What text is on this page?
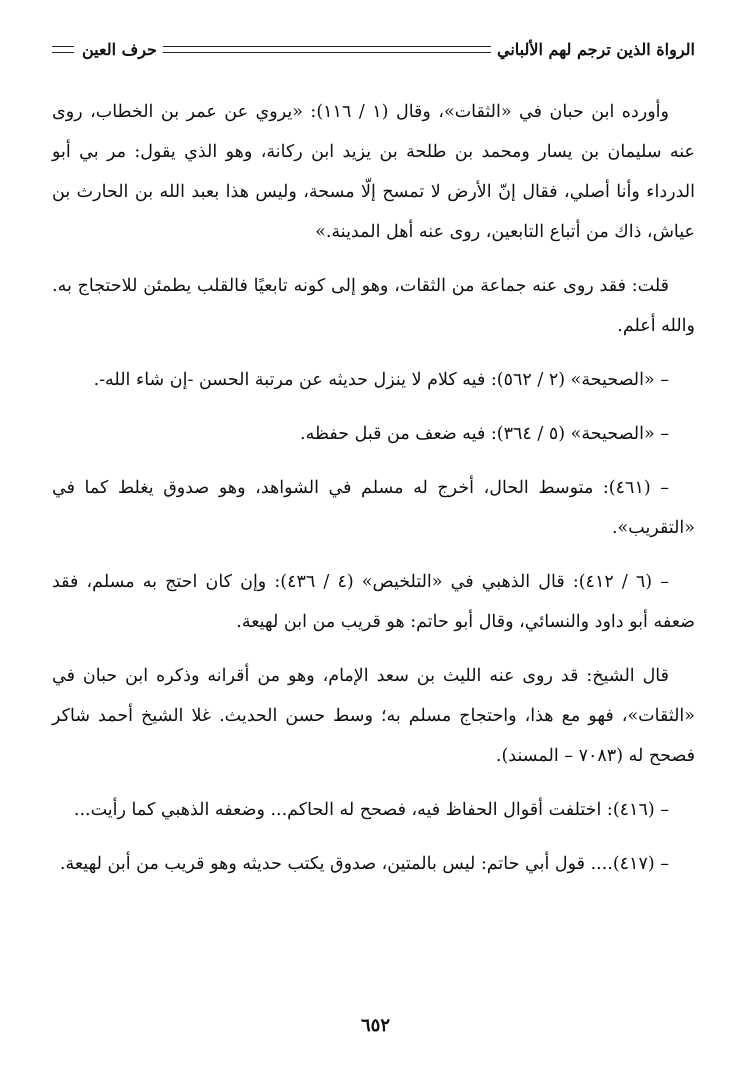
الرواة الذين ترجم لهم الألباني
حرف العين

وأورده ابن حبان في «الثقات»، وقال (١ / ١١٦): «يروي عن عمر بن الخطاب، روى عنه سليمان بن يسار ومحمد بن طلحة بن يزيد ابن ركانة، وهو الذي يقول: مر بي أبو الدرداء وأنا أصلي، فقال إنّ الأرض لا تمسح إلّا مسحة، وليس هذا بعبد الله بن الحارث بن عياش، ذاك من أتباع التابعين، روى عنه أهل المدينة.»

قلت: فقد روى عنه جماعة من الثقات، وهو إلى كونه تابعيًا فالقلب يطمئن للاحتجاج به. والله أعلم.

– «الصحيحة» (٢ / ٥٦٢): فيه كلام لا ينزل حديثه عن مرتبة الحسن -إن شاء الله-.

– «الصحيحة» (٥ / ٣٦٤): فيه ضعف من قبل حفظه.

– (٤٦١): متوسط الحال، أخرج له مسلم في الشواهد، وهو صدوق يغلط كما في «التقريب».

– (٦ / ٤١٢): قال الذهبي في «التلخيص» (٤ / ٤٣٦): وإن كان احتج به مسلم، فقد ضعفه أبو داود والنسائي، وقال أبو حاتم: هو قريب من ابن لهيعة.

قال الشيخ: قد روى عنه الليث بن سعد الإمام، وهو من أقرانه وذكره ابن حبان في «الثقات»، فهو مع هذا، واحتجاج مسلم به؛ وسط حسن الحديث. غلا الشيخ أحمد شاكر فصحح له (٧٠٨٣ – المسند).

– (٤١٦): اختلفت أقوال الحفاظ فيه، فصحح له الحاكم... وضعفه الذهبي كما رأيت...

– (٤١٧).... قول أبي حاتم: ليس بالمتين، صدوق يكتب حديثه وهو قريب من أبن لهيعة.

٦٥٢
